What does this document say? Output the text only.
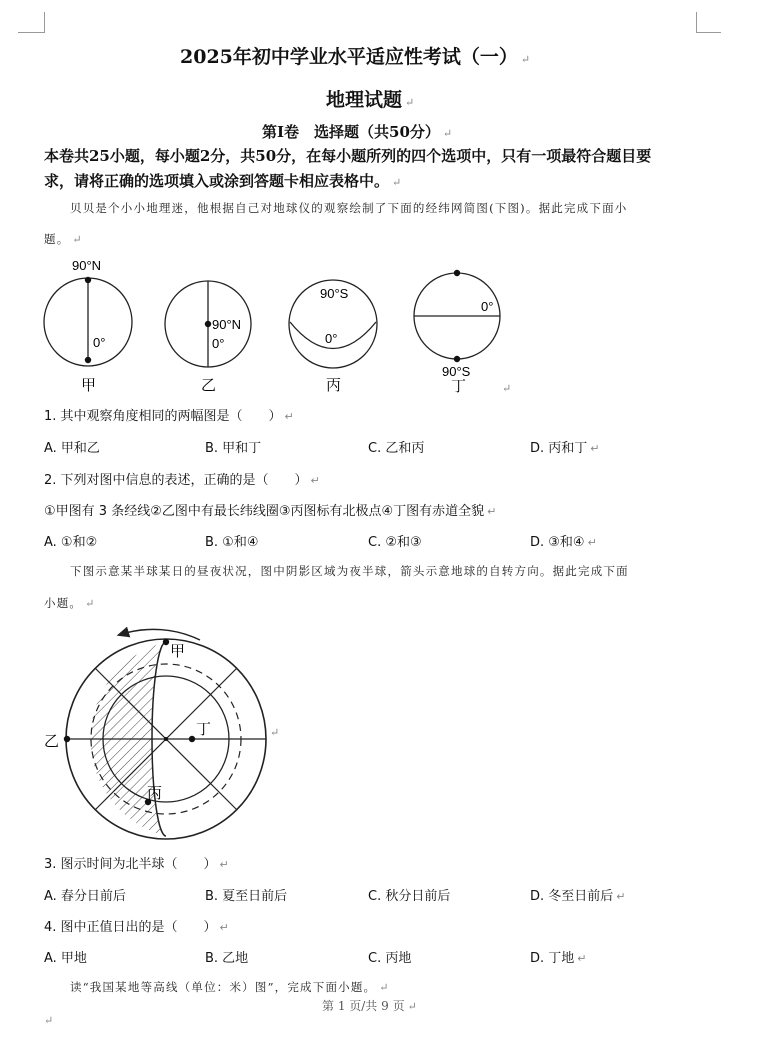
2025年初中学业水平适应性考试（一） ↵
地理试题 ↵
第Ⅰ卷　选择题（共50分） ↵
本卷共25小题，每小题2分，共50分，在每小题所列的四个选项中，只有一项最符合题目要
求，请将正确的选项填入或涂到答题卡相应表格中。 ↵
贝贝是个小小地理迷，他根据自己对地球仪的观察绘制了下面的经纬网简图(下图)。据此完成下面小
题。 ↵
90°N
0°
甲
90°N
0°
乙
90°S
0°
丙
0°
90°S
丁	↵
1. 其中观察角度相同的两幅图是（　　） ↵
A. 甲和乙	B. 甲和丁	C. 乙和丙	D. 丙和丁 ↵
2. 下列对图中信息的表述，正确的是（　　） ↵
①甲图有 3 条经线②乙图中有最长纬线圈③丙图标有北极点④丁图有赤道全貌 ↵
A. ①和②	B. ①和④	C. ②和③	D. ③和④ ↵
下图示意某半球某日的昼夜状况，图中阴影区域为夜半球，箭头示意地球的自转方向。据此完成下面
小题。 ↵
甲
乙
丙
丁	↵
3. 图示时间为北半球（　　） ↵
A. 春分日前后	B. 夏至日前后	C. 秋分日前后	D. 冬至日前后 ↵
4. 图中正值日出的是（　　） ↵
A. 甲地	B. 乙地	C. 丙地	D. 丁地 ↵
读“我国某地等高线（单位：米）图”，完成下面小题。 ↵
第 1 页/共 9 页 ↵
↵
